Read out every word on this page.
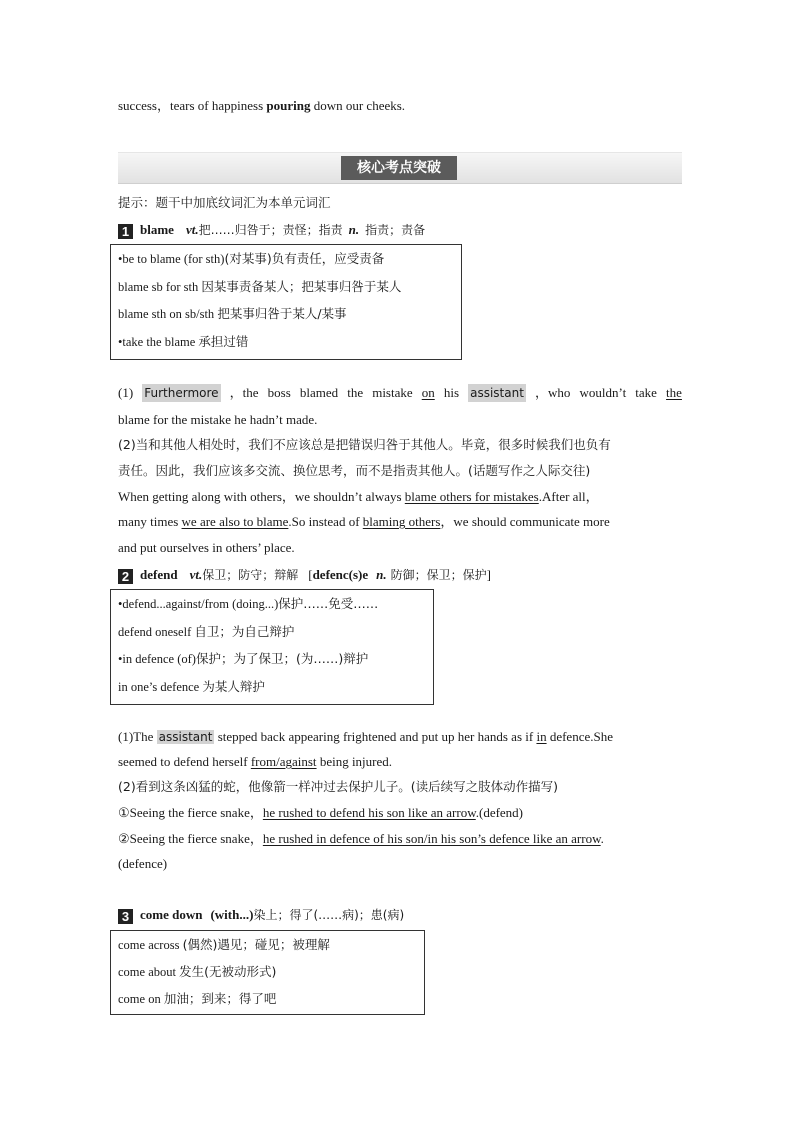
success，tears of happiness pouring down our cheeks.
核心考点突破
提示：题干中加底纹词汇为本单元词汇
1 blame vt.把……归咎于；责怪；指责 n. 指责；责备
•be to blame (for sth)(对某事)负有责任，应受责备
blame sb for sth 因某事责备某人；把某事归咎于某人
blame sth on sb/sth 把某事归咎于某人/某事
•take the blame 承担过错
(1) Furthermore ，the boss blamed the mistake on his assistant ，who wouldn’t take the
blame for the mistake he hadn’t made.
(2)当和其他人相处时，我们不应该总是把错误归咎于其他人。毕竟，很多时候我们也负有
责任。因此，我们应该多交流、换位思考，而不是指责其他人。(话题写作之人际交往)
When getting along with others，we shouldn’t always blame others for mistakes.After all，
many times we are also to blame.So instead of blaming others，we should communicate more
and put ourselves in others’ place.
2 defend vt.保卫；防守；辩解 [defenc(s)e n. 防御；保卫；保护]
•defend...against/from (doing...)保护……免受……
defend oneself 自卫；为自己辩护
•in defence (of)保护；为了保卫；(为……)辩护
in one’s defence 为某人辩护
(1)The assistant stepped back appearing frightened and put up her hands as if in defence.She
seemed to defend herself from/against being injured.
(2)看到这条凶猛的蛇，他像箭一样冲过去保护儿子。(读后续写之肢体动作描写)
①Seeing the fierce snake，he rushed to defend his son like an arrow.(defend)
②Seeing the fierce snake，he rushed in defence of his son/in his son’s defence like an arrow.
(defence)
3 come down (with...)染上；得了(……病)；患(病)
come across (偶然)遇见；碰见；被理解
come about 发生(无被动形式)
come on 加油；到来；得了吧
